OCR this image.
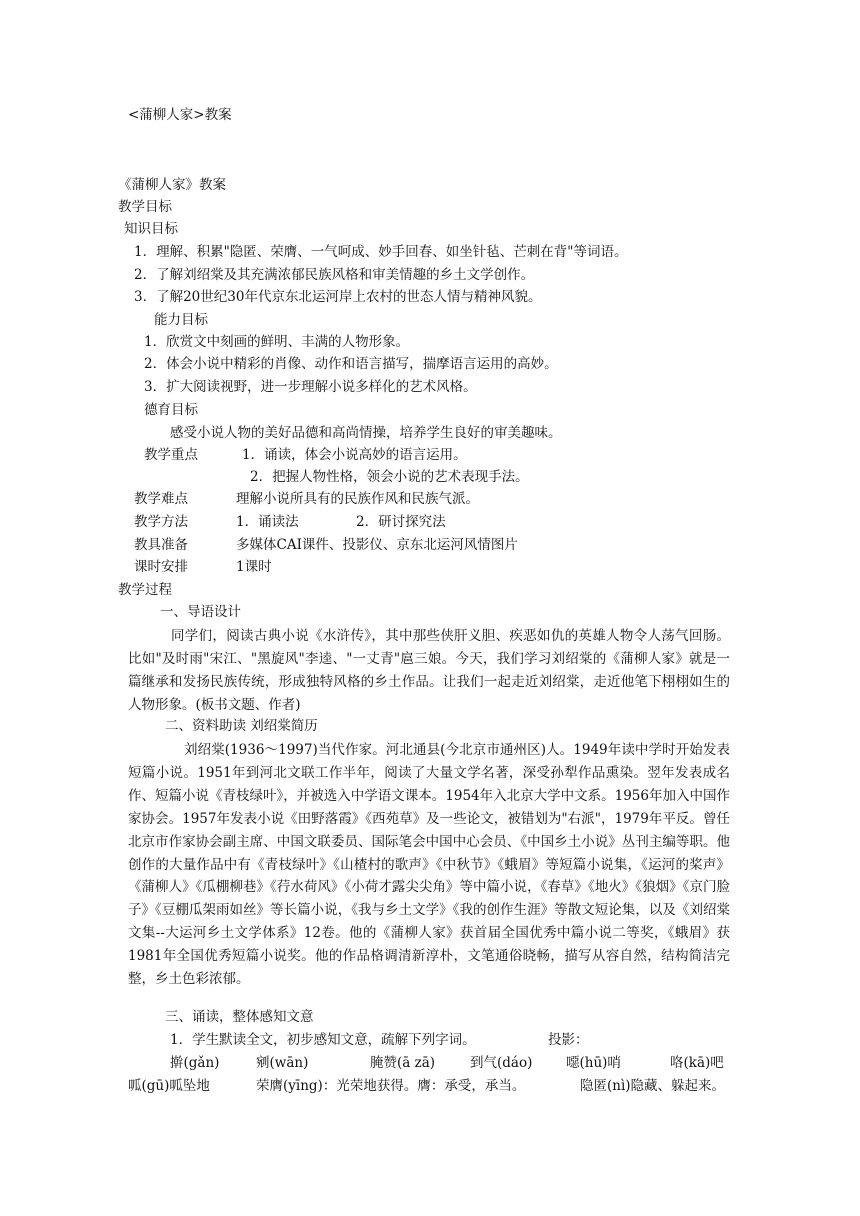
<蒲柳人家>教案
《蒲柳人家》教案
教学目标
知识目标
1．理解、积累"隐匿、荣膺、一气呵成、妙手回春、如坐针毡、芒刺在背"等词语。
2．了解刘绍棠及其充满浓郁民族风格和审美情趣的乡土文学创作。
3．了解20世纪30年代京东北运河岸上农村的世态人情与精神风貌。
能力目标
1．欣赏文中刻画的鲜明、丰满的人物形象。
2．体会小说中精彩的肖像、动作和语言描写，揣摩语言运用的高妙。
3．扩大阅读视野，进一步理解小说多样化的艺术风格。
德育目标
感受小说人物的美好品德和高尚情操，培养学生良好的审美趣味。
教学重点	1．诵读，体会小说高妙的语言运用。
2．把握人物性格，领会小说的艺术表现手法。
教学难点	理解小说所具有的民族作风和民族气派。
教学方法	1．诵读法	2．研讨探究法
教具准备	多媒体CAI课件、投影仪、京东北运河风情图片
课时安排	1课时
教学过程
一、导语设计
同学们，阅读古典小说《水浒传》，其中那些侠肝义胆、疾恶如仇的英雄人物令人荡气回肠。 比如"及时雨"宋江、"黑旋风"李逵、"一丈青"扈三娘。今天，我们学习刘绍棠的《蒲柳人家》就是一篇继承和发扬民族传统，形成独特风格的乡土作品。让我们一起走近刘绍棠，走近他笔下栩栩如生的人物形象。(板书文题、作者)
二、资料助读 刘绍棠简历
刘绍棠(1936～1997)当代作家。河北通县(今北京市通州区)人。1949年读中学时开始发表短篇小说。1951年到河北文联工作半年，阅读了大量文学名著，深受孙犁作品熏染。翌年发表成名作、短篇小说《青枝绿叶》，并被选入中学语文课本。1954年入北京大学中文系。1956年加入中国作家协会。1957年发表小说《田野落霞》《西苑草》及一些论文，被错划为"右派"，1979年平反。曾任北京市作家协会副主席、中国文联委员、国际笔会中国中心会员、《中国乡土小说》丛刊主编等职。他创作的大量作品中有《青枝绿叶》《山楂村的歌声》《中秋节》《蛾眉》等短篇小说集，《运河的桨声》《蒲柳人》《瓜棚柳巷》《荇水荷风》《小荷才露尖尖角》等中篇小说，《春草》《地火》《狼烟》《京门脸子》《豆棚瓜架雨如丝》等长篇小说，《我与乡土文学》《我的创作生涯》等散文短论集，以及《刘绍棠文集--大运河乡土文学体系》12卷。他的《蒲柳人家》获首届全国优秀中篇小说二等奖，《蛾眉》获1981年全国优秀短篇小说奖。他的作品格调清新淳朴，文笔通俗晓畅，描写从容自然，结构简洁完整，乡土色彩浓郁。
三、诵读，整体感知文意
1．学生默读全文，初步感知文意，疏解下列字词。	投影：
擀(gǎn)	剜(wān)	腌赞(ā zā)	到气(dáo) 噁(hū)哨	咯(kā)吧
呱(gū)呱坠地	荣膺(yīng)：光荣地获得。膺：承受，承当。	隐匿(nì)隐藏、躲起来。
